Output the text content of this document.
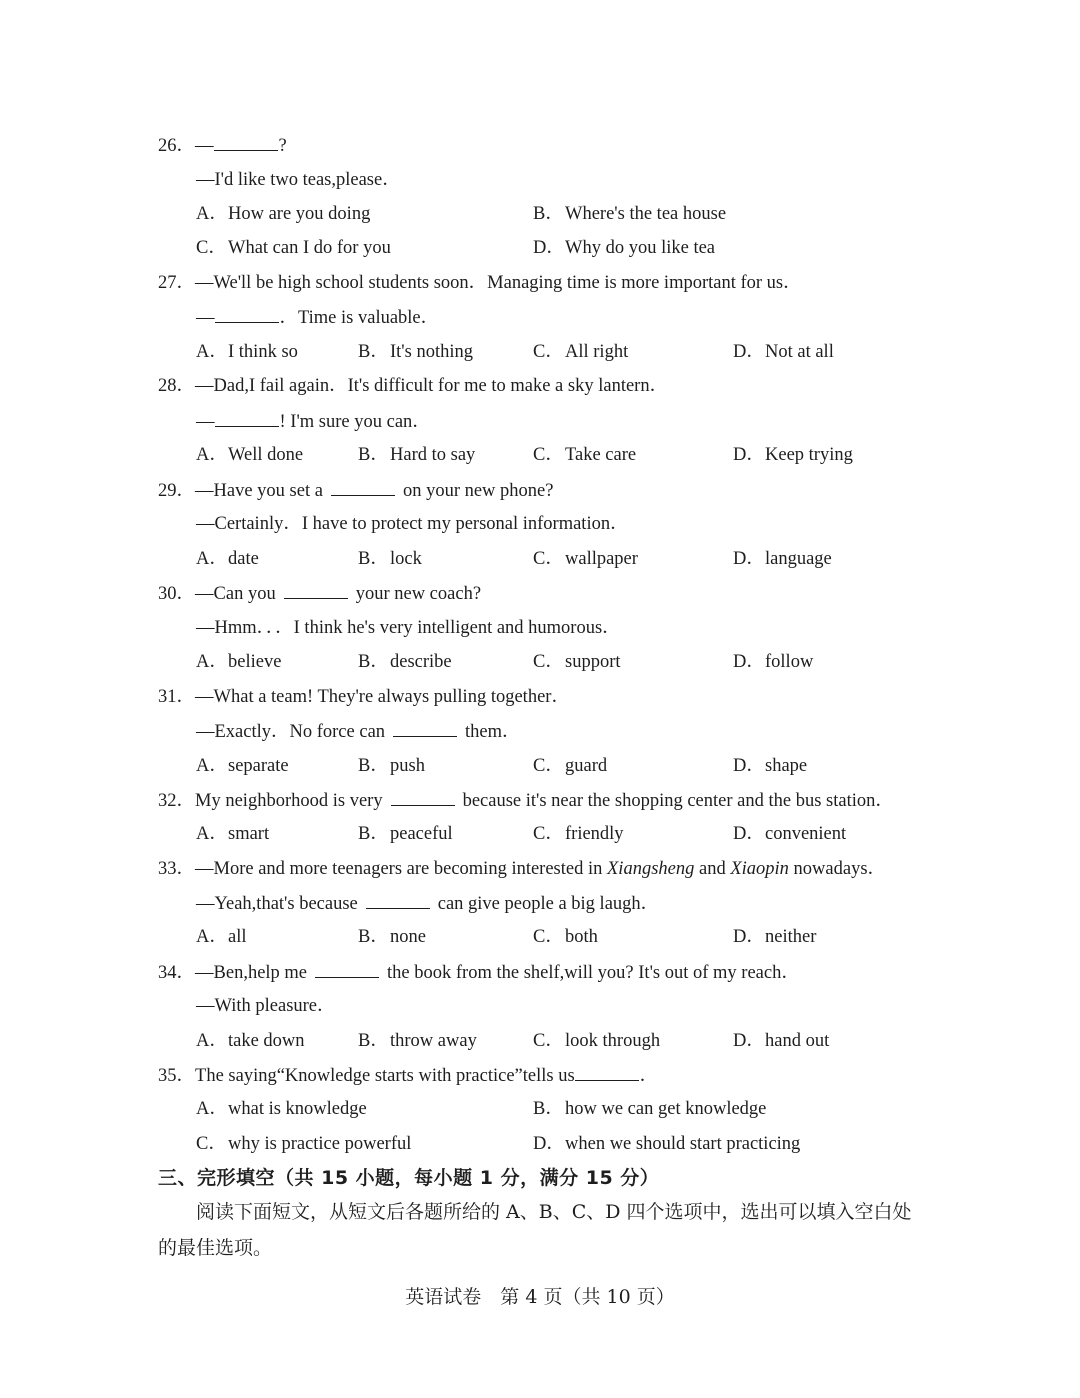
26．—	?
—I'd like two teas,please．
A．How are you doing	B．Where's the tea house
C．What can I do for you	D．Why do you like tea
27．—We'll be high school students soon．Managing time is more important for us．
—	．Time is valuable．
A．I think so	B．It's nothing	C．All right	D．Not at all
28．—Dad,I fail again．It's difficult for me to make a sky lantern．
—	! I'm sure you can．
A．Well done	B．Hard to say	C．Take care	D．Keep trying
29．—Have you set a	on your new phone?
—Certainly．I have to protect my personal information．
A．date	B．lock	C．wallpaper	D．language
30．—Can you	your new coach?
—Hmm．．．I think he's very intelligent and humorous．
A．believe	B．describe	C．support	D．follow
31．—What a team! They're always pulling together．
—Exactly．No force can	them．
A．separate	B．push	C．guard	D．shape
32．My neighborhood is very	because it's near the shopping center and the bus station．
A．smart	B．peaceful	C．friendly	D．convenient
33．—More and more teenagers are becoming interested in Xiangsheng and Xiaopin nowadays．
—Yeah,that's because	can give people a big laugh．
A．all	B．none	C．both	D．neither
34．—Ben,help me	the book from the shelf,will you? It's out of my reach．
—With pleasure．
A．take down	B．throw away	C．look through	D．hand out
35．The saying“Knowledge starts with practice”tells us	．
A．what is knowledge	B．how we can get knowledge
C．why is practice powerful	D．when we should start practicing
三、完形填空（共 15 小题，每小题 1 分，满分 15 分）
阅读下面短文，从短文后各题所给的 A、B、C、D 四个选项中，选出可以填入空白处的最佳选项。
英语试卷　第 4 页（共 10 页）
